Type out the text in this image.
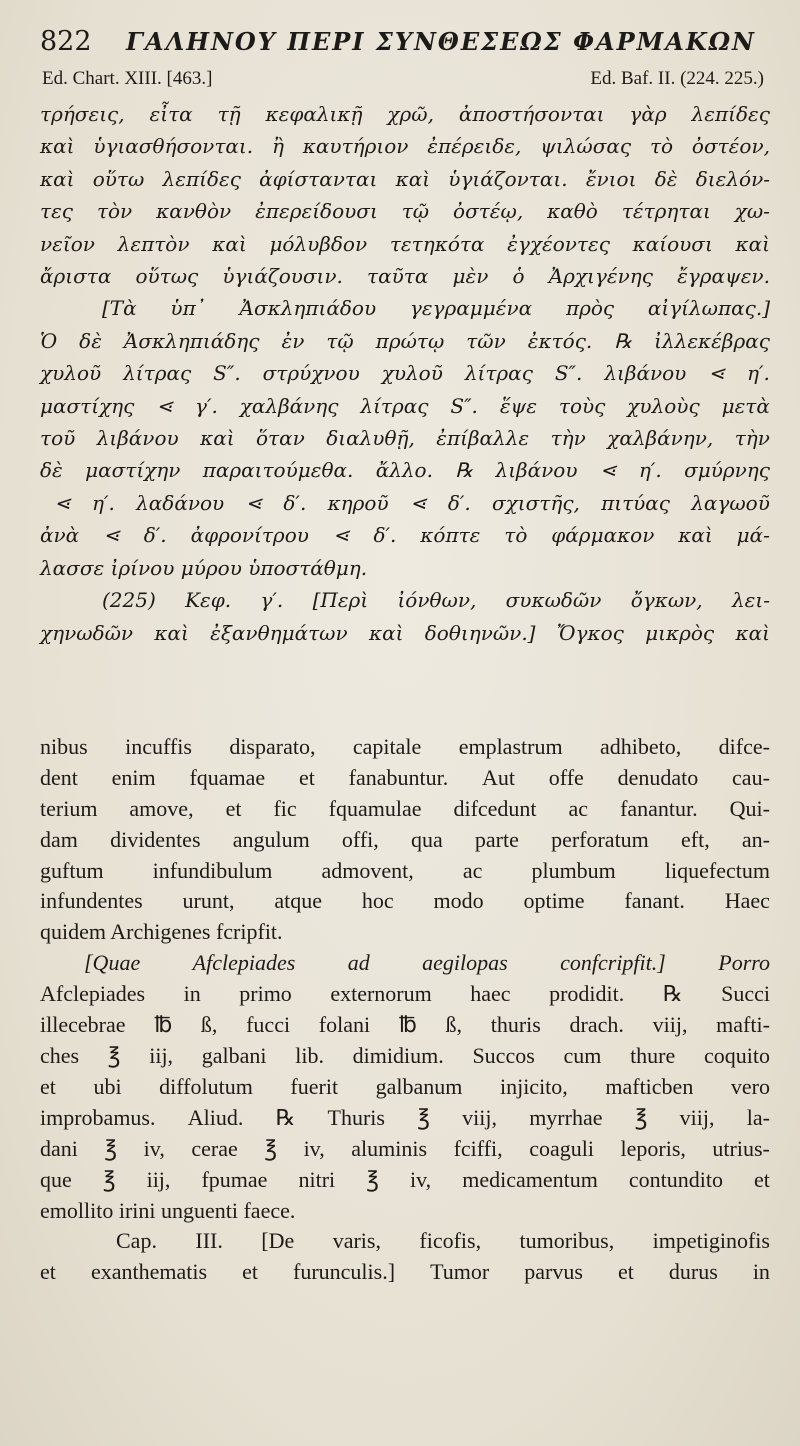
822	ΓΑΛΗΝΟΥ ΠΕΡΙ ΣΥΝΘΕΣΕΩΣ ΦΑΡΜΑΚΩΝ
Ed. Chart. XIII. [463.]	Ed. Baf. II. (224. 225.)
τρήσεις, εἶτα τῇ κεφαλικῇ χρῶ, ἀποστήσονται γὰρ λεπίδες
καὶ ὑγιασθήσονται. ἢ καυτήριον ἐπέρειδε, ψιλώσας τὸ ὀστέον,
καὶ οὕτω λεπίδες ἀφίστανται καὶ ὑγιάζονται. ἔνιοι δὲ διελόν-
τες τὸν κανθὸν ἐπερείδουσι τῷ ὀστέῳ, καθὸ τέτρηται χω-
νεῖον λεπτὸν καὶ μόλυβδον τετηκότα ἐγχέοντες καίουσι καὶ
ἄριστα οὕτως ὑγιάζουσιν. ταῦτα μὲν ὁ Ἀρχιγένης ἔγραψεν.
[Τὰ ὑπ᾽ Ἀσκληπιάδου γεγραμμένα πρὸς αἰγίλωπας.]
Ὁ δὲ Ἀσκληπιάδης ἐν τῷ πρώτῳ τῶν ἐκτός. ℞ ἰλλεκέβρας
χυλοῦ λίτρας S″. στρύχνου χυλοῦ λίτρας S″. λιβάνου ⋖ η′.
μαστίχης ⋖ γ′. χαλβάνης λίτρας S″. ἕψε τοὺς χυλοὺς μετὰ
τοῦ λιβάνου καὶ ὅταν διαλυθῇ, ἐπίβαλλε τὴν χαλβάνην, τὴν
δὲ μαστίχην παραιτούμεθα. ἄλλο. ℞ λιβάνου ⋖ η′. σμύρνης
⋖ η′. λαδάνου ⋖ δ′. κηροῦ ⋖ δ′. σχιστῆς, πιτύας λαγωοῦ
ἀνὰ ⋖ δ′. ἀφρονίτρου ⋖ δ′. κόπτε τὸ φάρμακον καὶ μά-
λασσε ἰρίνου μύρου ὑποστάθμη.
(225) Κεφ. γ′. [Περὶ ἰόνθων, συκωδῶν ὄγκων, λει-
χηνωδῶν καὶ ἐξανθημάτων καὶ δοθιηνῶν.] Ὄγκος μικρὸς καὶ
nibus incuffis disparato, capitale emplastrum adhibeto, difce-
dent enim fquamae et fanabuntur. Aut offe denudato cau-
terium amove, et fic fquamulae difcedunt ac fanantur. Qui-
dam dividentes angulum offi, qua parte perforatum eft, an-
guftum infundibulum admovent, ac plumbum liquefectum
infundentes urunt, atque hoc modo optime fanant. Haec
quidem Archigenes fcripfit.
[Quae Afclepiades ad aegilopas confcripfit.] Porro
Afclepiades in primo externorum haec prodidit. ℞ Succi
illecebrae ℔ ß, fucci folani ℔ ß, thuris drach. viij, mafti-
ches ℥ iij, galbani lib. dimidium. Succos cum thure coquito
et ubi diffolutum fuerit galbanum injicito, mafticben vero
improbamus. Aliud. ℞ Thuris ℥ viij, myrrhae ℥ viij, la-
dani ℥ iv, cerae ℥ iv, aluminis fciffi, coaguli leporis, utrius-
que ℥ iij, fpumae nitri ℥ iv, medicamentum contundito et
emollito irini unguenti faece.
Cap. III. [De varis, ficofis, tumoribus, impetiginofis
et exanthematis et furunculis.] Tumor parvus et durus in
